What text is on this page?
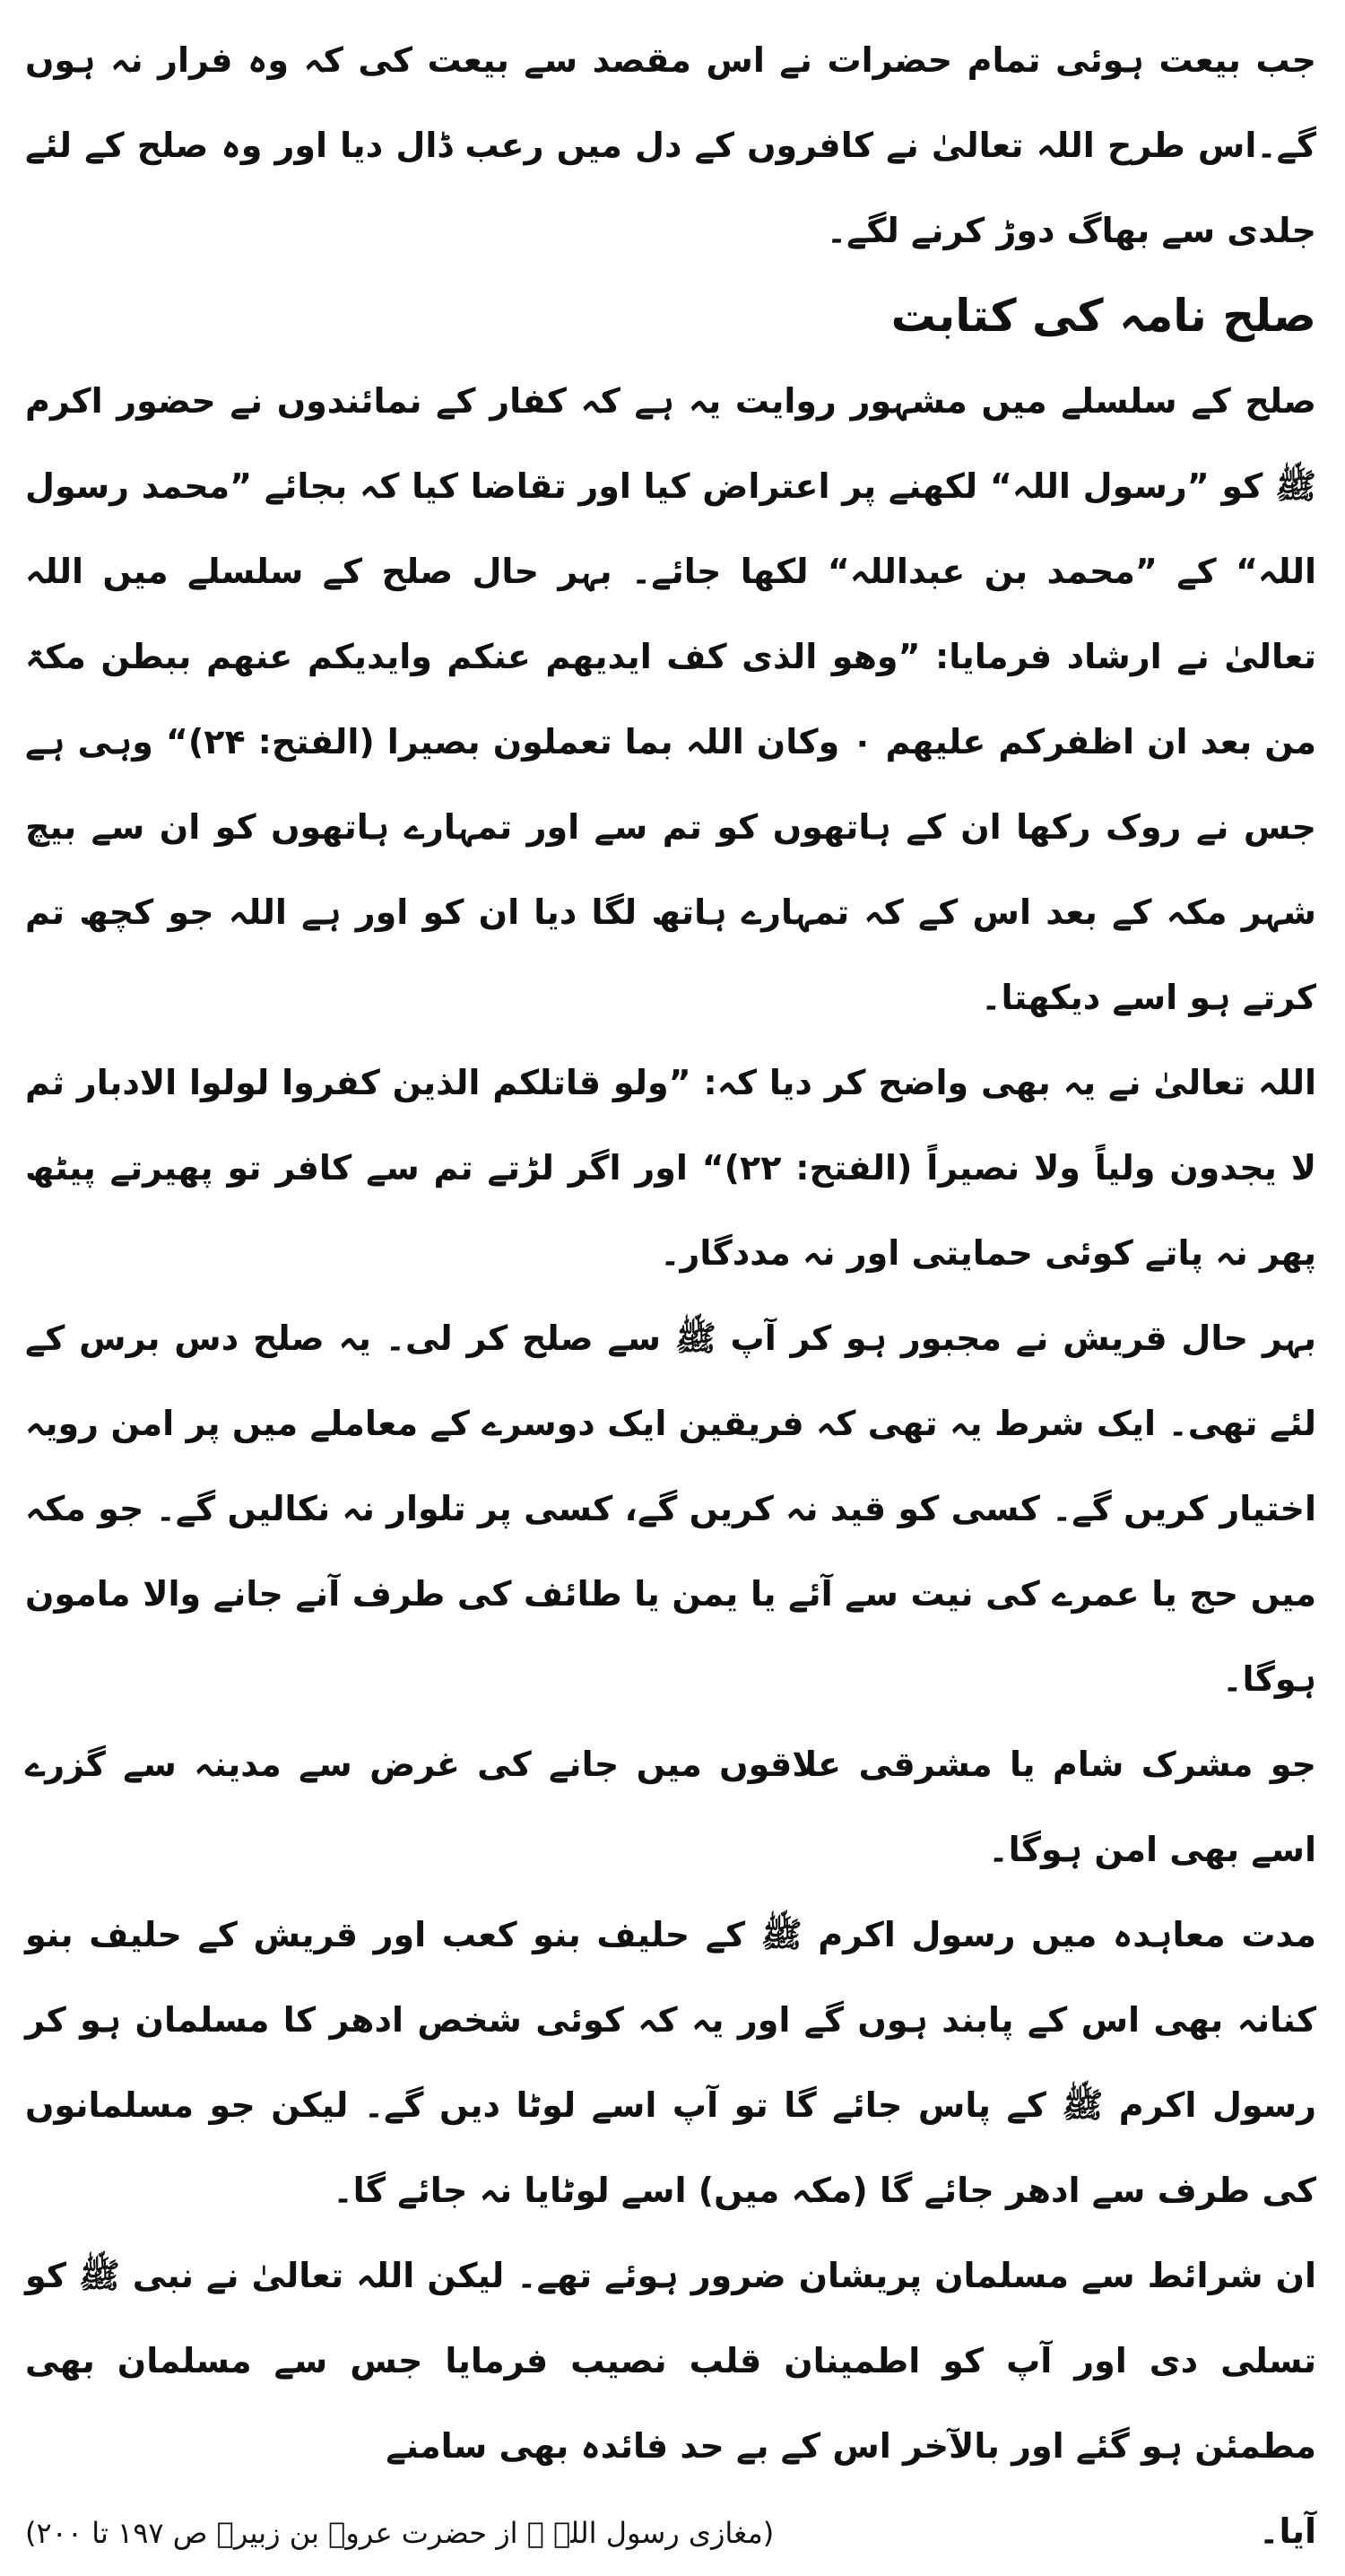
جب بیعت ہوئی تمام حضرات نے اس مقصد سے بیعت کی کہ وہ فرار نہ ہوں گے۔اس طرح اللہ تعالیٰ نے کافروں کے دل میں رعب ڈال دیا اور وہ صلح کے لئے جلدی سے بھاگ دوڑ کرنے لگے۔

صلح نامہ کی کتابت

صلح کے سلسلے میں مشہور روایت یہ ہے کہ کفار کے نمائندوں نے حضور اکرم ﷺ کو ”رسول اللہ“ لکھنے پر اعتراض کیا اور تقاضا کیا کہ بجائے ”محمد رسول اللہ“ کے ”محمد بن عبداللہ“ لکھا جائے۔ بہر حال صلح کے سلسلے میں اللہ تعالیٰ نے ارشاد فرمایا: ”وھو الذی کف ایدیھم عنکم وایدیکم عنھم ببطن مکۃ من بعد ان اظفرکم علیھم ۰ وکان اللہ بما تعملون بصیرا (الفتح: ۲۴)“ وہی ہے جس نے روک رکھا ان کے ہاتھوں کو تم سے اور تمہارے ہاتھوں کو ان سے بیچ شہر مکہ کے بعد اس کے کہ تمہارے ہاتھ لگا دیا ان کو اور ہے اللہ جو کچھ تم کرتے ہو اسے دیکھتا۔

اللہ تعالیٰ نے یہ بھی واضح کر دیا کہ: ”ولو قاتلکم الذین کفروا لولوا الادبار ثم لا یجدون ولیاً ولا نصیراً (الفتح: ۲۲)“ اور اگر لڑتے تم سے کافر تو پھیرتے پیٹھ پھر نہ پاتے کوئی حمایتی اور نہ مددگار۔

بہر حال قریش نے مجبور ہو کر آپ ﷺ سے صلح کر لی۔ یہ صلح دس برس کے لئے تھی۔ ایک شرط یہ تھی کہ فریقین ایک دوسرے کے معاملے میں پر امن رویہ اختیار کریں گے۔ کسی کو قید نہ کریں گے، کسی پر تلوار نہ نکالیں گے۔ جو مکہ میں حج یا عمرے کی نیت سے آئے یا یمن یا طائف کی طرف آنے جانے والا مامون ہوگا۔

جو مشرک شام یا مشرقی علاقوں میں جانے کی غرض سے مدینہ سے گزرے اسے بھی امن ہوگا۔

مدت معاہدہ میں رسول اکرم ﷺ کے حلیف بنو کعب اور قریش کے حلیف بنو کنانہ بھی اس کے پابند ہوں گے اور یہ کہ کوئی شخص ادھر کا مسلمان ہو کر رسول اکرم ﷺ کے پاس جائے گا تو آپ اسے لوٹا دیں گے۔ لیکن جو مسلمانوں کی طرف سے ادھر جائے گا (مکہ میں) اسے لوٹایا نہ جائے گا۔

ان شرائط سے مسلمان پریشان ضرور ہوئے تھے۔ لیکن اللہ تعالیٰ نے نبی ﷺ کو تسلی دی اور آپ کو اطمینان قلب نصیب فرمایا جس سے مسلمان بھی مطمئن ہو گئے اور بالآخر اس کے بے حد فائدہ بھی سامنے

آیا۔
(مغازی رسول اللہ ﷺ از حضرت عروہ بن زبیرؓ ص ۱۹۷ تا ۲۰۰)
